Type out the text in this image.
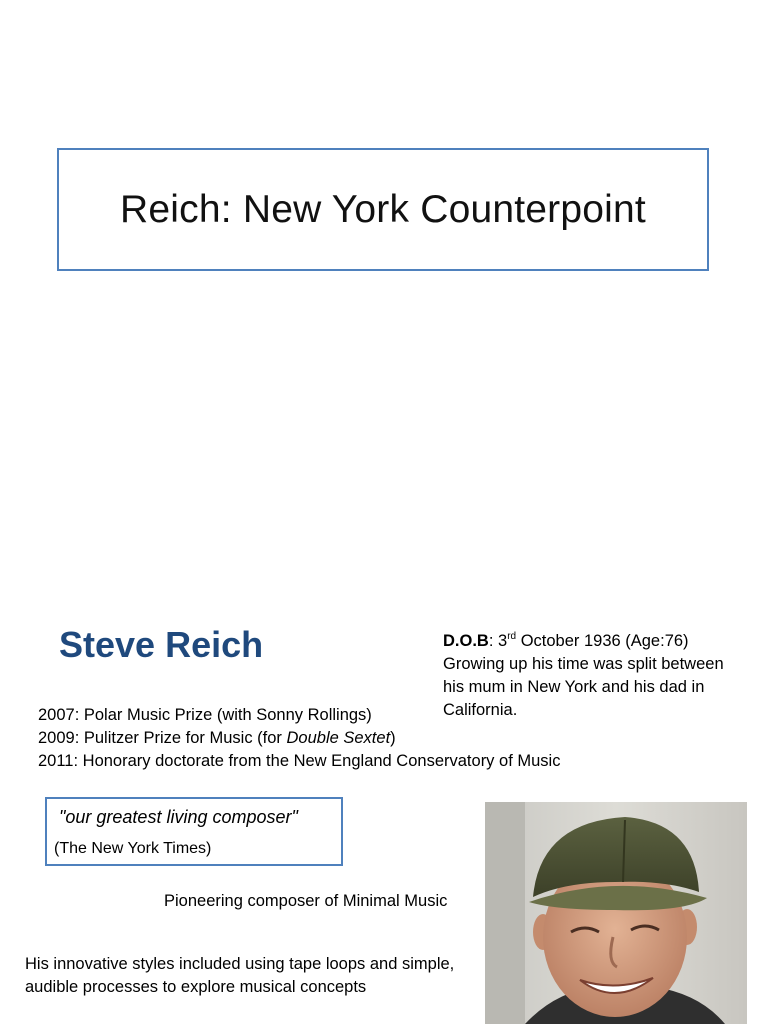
Reich: New York Counterpoint
Steve Reich	D.O.B: 3rd October 1936 (Age:76)
Growing up his time was split between his mum in New York and his dad in California.
2007: Polar Music Prize (with Sonny Rollings)
2009: Pulitzer Prize for Music (for Double Sextet)
2011: Honorary doctorate from the New England Conservatory of Music
"our greatest living composer"
(The New York Times)
Pioneering composer of Minimal Music
His innovative styles included using tape loops and simple, audible processes to explore musical concepts
